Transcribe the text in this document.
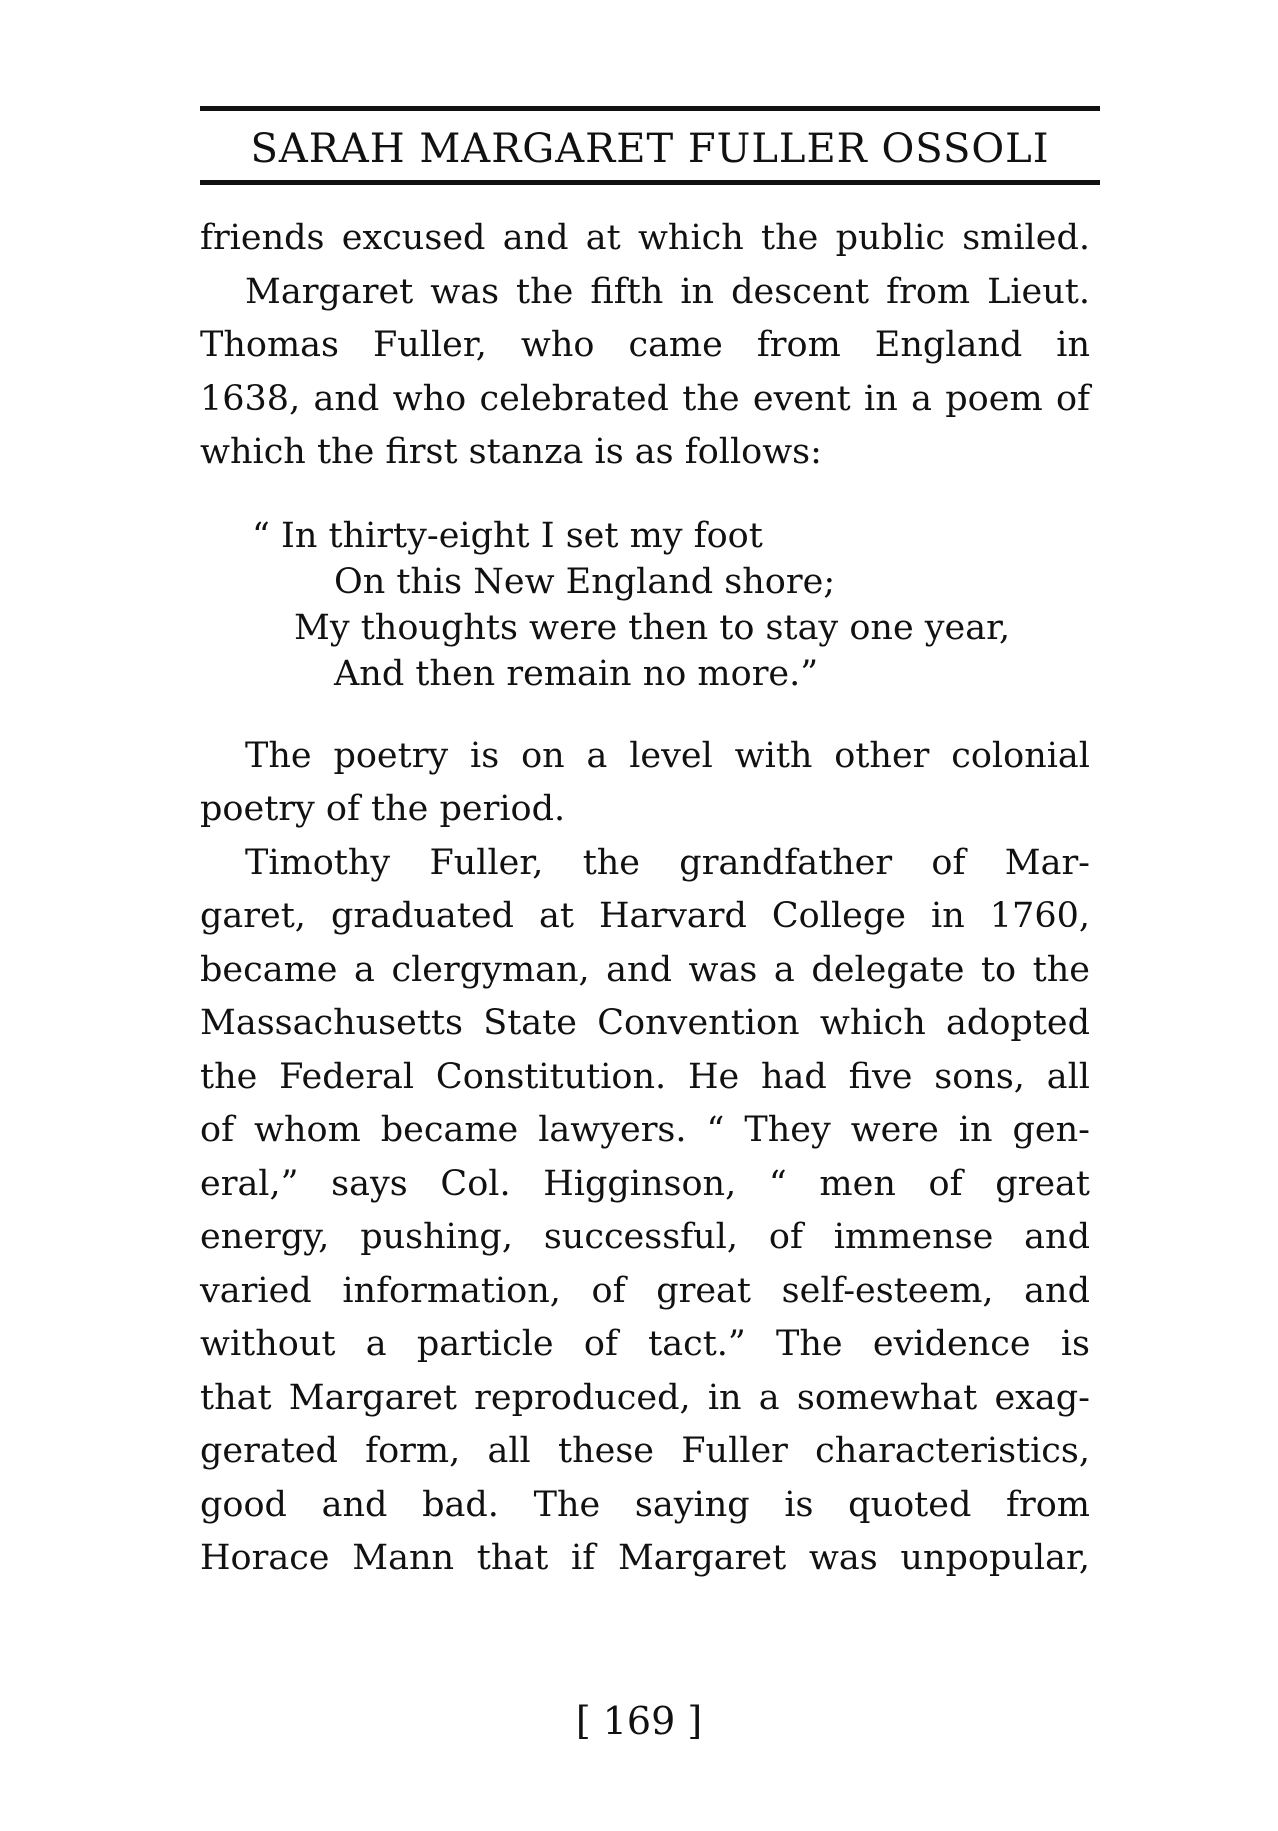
SARAH MARGARET FULLER OSSOLI
friends excused and at which the public smiled.
Margaret was the fifth in descent from Lieut.
Thomas Fuller, who came from England in
1638, and who celebrated the event in a poem of
which the first stanza is as follows:
“ In thirty-eight I set my foot
On this New England shore;
My thoughts were then to stay one year,
And then remain no more.”
The poetry is on a level with other colonial
poetry of the period.
Timothy Fuller, the grandfather of Mar-
garet, graduated at Harvard College in 1760,
became a clergyman, and was a delegate to the
Massachusetts State Convention which adopted
the Federal Constitution. He had five sons, all
of whom became lawyers. “ They were in gen-
eral,” says Col. Higginson, “ men of great
energy, pushing, successful, of immense and
varied information, of great self-esteem, and
without a particle of tact.” The evidence is
that Margaret reproduced, in a somewhat exag-
gerated form, all these Fuller characteristics,
good and bad. The saying is quoted from
Horace Mann that if Margaret was unpopular,
[ 169 ]
